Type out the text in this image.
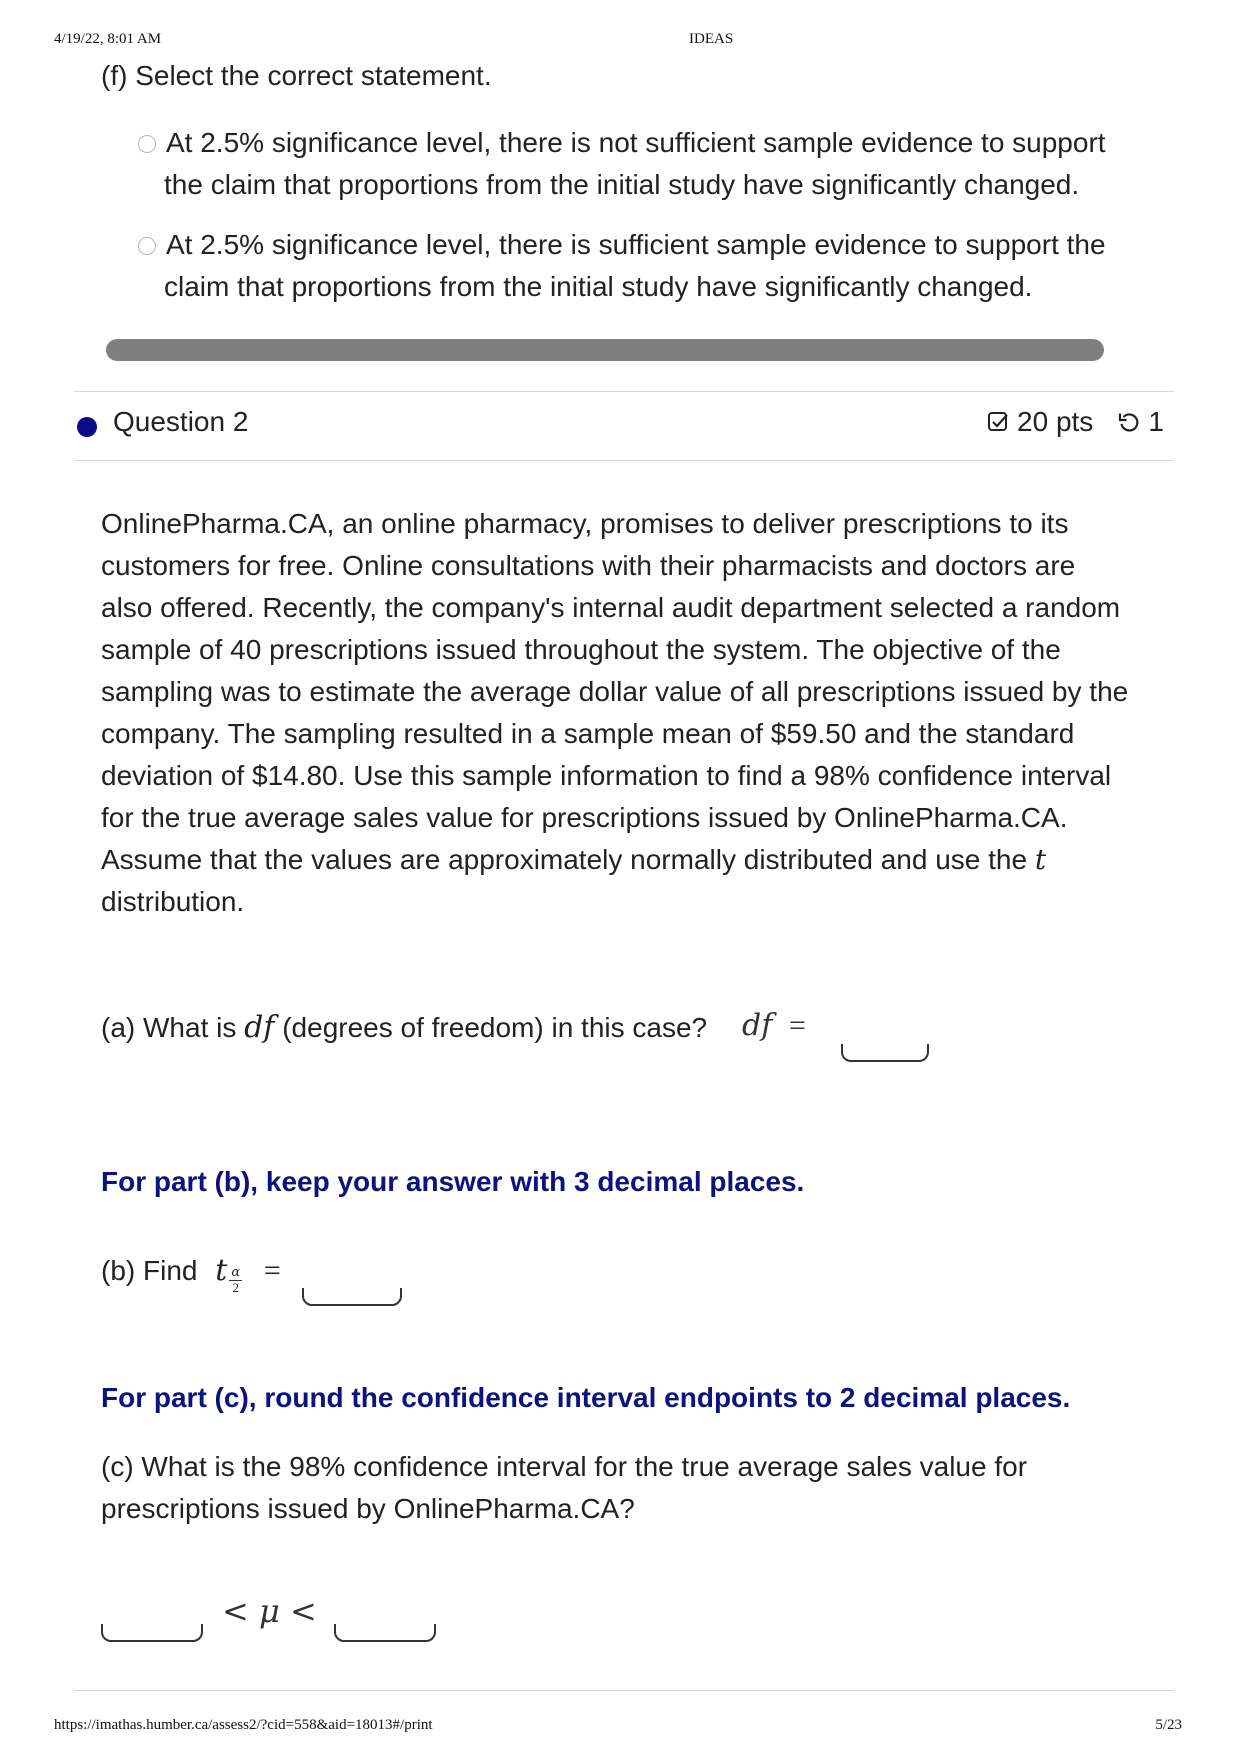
4/19/22, 8:01 AM	IDEAS
(f) Select the correct statement.
At 2.5% significance level, there is not sufficient sample evidence to support
the claim that proportions from the initial study have significantly changed.
At 2.5% significance level, there is sufficient sample evidence to support the
claim that proportions from the initial study have significantly changed.
Question 2	20 pts 1
OnlinePharma.CA, an online pharmacy, promises to deliver prescriptions to its
customers for free. Online consultations with their pharmacists and doctors are
also offered. Recently, the company's internal audit department selected a random
sample of 40 prescriptions issued throughout the system. The objective of the
sampling was to estimate the average dollar value of all prescriptions issued by the
company. The sampling resulted in a sample mean of $59.50 and the standard
deviation of $14.80. Use this sample information to find a 98% confidence interval
for the true average sales value for prescriptions issued by OnlinePharma.CA.
Assume that the values are approximately normally distributed and use the t
distribution.
(a) What is df (degrees of freedom) in this case? df =
For part (b), keep your answer with 3 decimal places.
(b) Find t $\frac{\alpha}{2}$ =
For part (c), round the confidence interval endpoints to 2 decimal places.
(c) What is the 98% confidence interval for the true average sales value for
prescriptions issued by OnlinePharma.CA?
< μ <
https://imathas.humber.ca/assess2/?cid=558&aid=18013#/print	5/23
